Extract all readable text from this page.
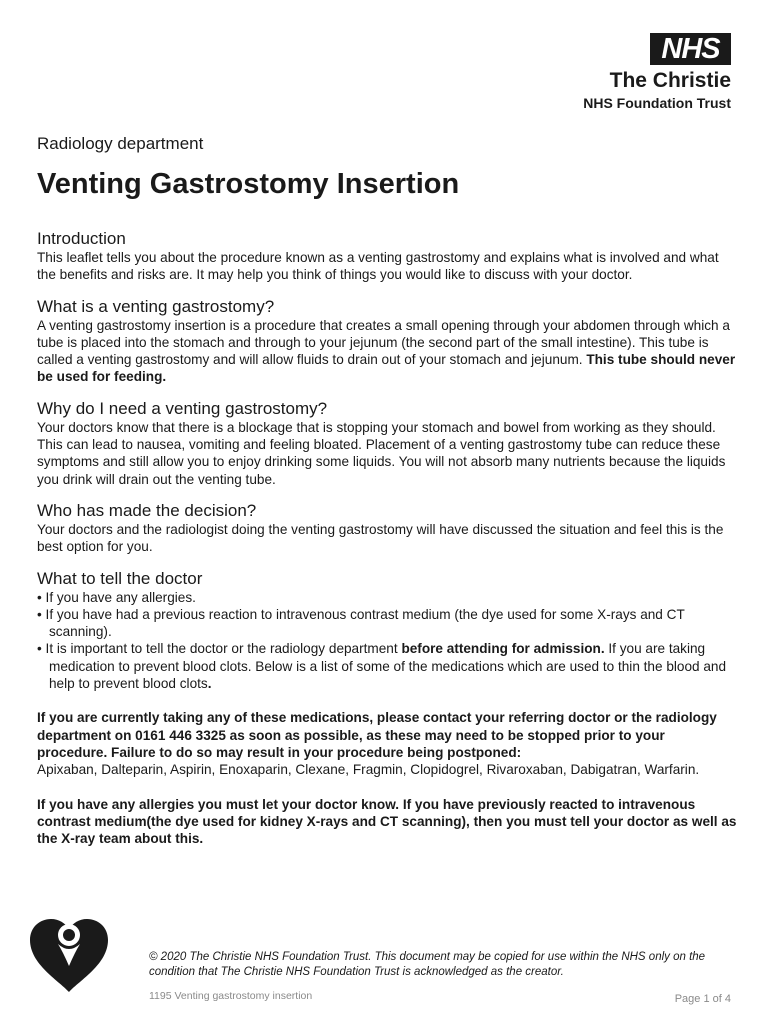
NHS
The Christie
NHS Foundation Trust
Radiology department
Venting Gastrostomy Insertion
Introduction

This leaflet tells you about the procedure known as a venting gastrostomy and explains what is involved and what the benefits and risks are. It may help you think of things you would like to discuss with your doctor.

What is a venting gastrostomy?

A venting gastrostomy insertion is a procedure that creates a small opening through your abdomen through which a tube is placed into the stomach and through to your jejunum (the second part of the small intestine). This tube is called a venting gastrostomy and will allow fluids to drain out of your stomach and jejunum. This tube should never be used for feeding.

Why do I need a venting gastrostomy?

Your doctors know that there is a blockage that is stopping your stomach and bowel from working as they should. This can lead to nausea, vomiting and feeling bloated. Placement of a venting gastrostomy tube can reduce these symptoms and still allow you to enjoy drinking some liquids. You will not absorb many nutrients because the liquids you drink will drain out the venting tube.

Who has made the decision?

Your doctors and the radiologist doing the venting gastrostomy will have discussed the situation and feel this is the best option for you.

What to tell the doctor
• If you have any allergies.
• If you have had a previous reaction to intravenous contrast medium (the dye used for some X-rays and CT scanning).
• It is important to tell the doctor or the radiology department before attending for admission. If you are taking medication to prevent blood clots. Below is a list of some of the medications which are used to thin the blood and help to prevent blood clots.

If you are currently taking any of these medications, please contact your referring doctor or the radiology department on 0161 446 3325 as soon as possible, as these may need to be stopped prior to your procedure. Failure to do so may result in your procedure being postponed:

Apixaban, Dalteparin, Aspirin, Enoxaparin, Clexane, Fragmin, Clopidogrel, Rivaroxaban, Dabigatran, Warfarin.

If you have any allergies you must let your doctor know. If you have previously reacted to intravenous contrast medium(the dye used for kidney X-rays and CT scanning), then you must tell your doctor as well as the X-ray team about this.

© 2020 The Christie NHS Foundation Trust. This document may be copied for use within the NHS only on the condition that The Christie NHS Foundation Trust is acknowledged as the creator.
1195 Venting gastrostomy insertion	Page 1 of 4
